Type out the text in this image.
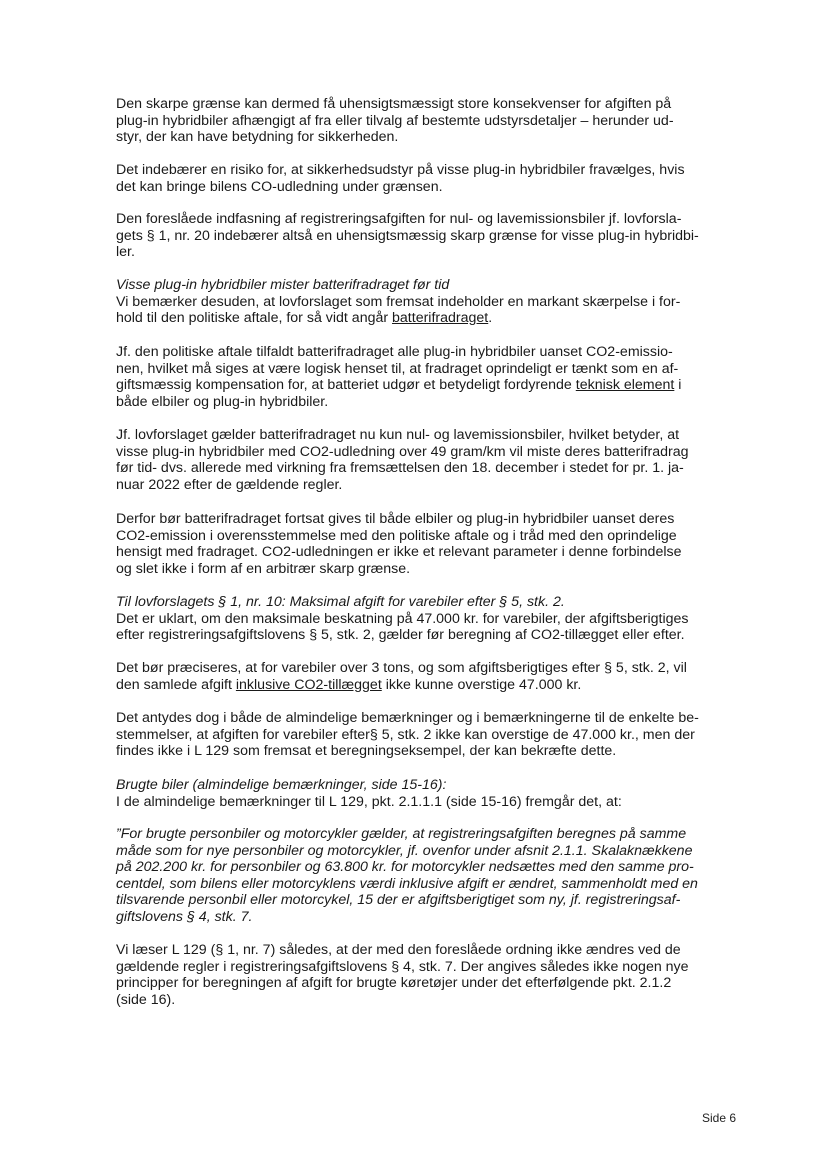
Den skarpe grænse kan dermed få uhensigtsmæssigt store konsekvenser for afgiften på
plug-in hybridbiler afhængigt af fra eller tilvalg af bestemte udstyrsdetaljer – herunder ud-
styr, der kan have betydning for sikkerheden.
Det indebærer en risiko for, at sikkerhedsudstyr på visse plug-in hybridbiler fravælges, hvis
det kan bringe bilens CO-udledning under grænsen.
Den foreslåede indfasning af registreringsafgiften for nul- og lavemissionsbiler jf. lovforsla-
gets § 1, nr. 20 indebærer altså en uhensigtsmæssig skarp grænse for visse plug-in hybridbi-
ler.
Visse plug-in hybridbiler mister batterifradraget før tid
Vi bemærker desuden, at lovforslaget som fremsat indeholder en markant skærpelse i for-
hold til den politiske aftale, for så vidt angår batterifradraget.
Jf. den politiske aftale tilfaldt batterifradraget alle plug-in hybridbiler uanset CO2-emissio-
nen, hvilket må siges at være logisk henset til, at fradraget oprindeligt er tænkt som en af-
giftsmæssig kompensation for, at batteriet udgør et betydeligt fordyrende teknisk element i
både elbiler og plug-in hybridbiler.
Jf. lovforslaget gælder batterifradraget nu kun nul- og lavemissionsbiler, hvilket betyder, at
visse plug-in hybridbiler med CO2-udledning over 49 gram/km vil miste deres batterifradrag
før tid- dvs. allerede med virkning fra fremsættelsen den 18. december i stedet for pr. 1. ja-
nuar 2022 efter de gældende regler.
Derfor bør batterifradraget fortsat gives til både elbiler og plug-in hybridbiler uanset deres
CO2-emission i overensstemmelse med den politiske aftale og i tråd med den oprindelige
hensigt med fradraget. CO2-udledningen er ikke et relevant parameter i denne forbindelse
og slet ikke i form af en arbitrær skarp grænse.
Til lovforslagets § 1, nr. 10: Maksimal afgift for varebiler efter § 5, stk. 2.
Det er uklart, om den maksimale beskatning på 47.000 kr. for varebiler, der afgiftsberigtiges
efter registreringsafgiftslovens § 5, stk. 2, gælder før beregning af CO2-tillægget eller efter.
Det bør præciseres, at for varebiler over 3 tons, og som afgiftsberigtiges efter § 5, stk. 2, vil
den samlede afgift inklusive CO2-tillægget ikke kunne overstige 47.000 kr.
Det antydes dog i både de almindelige bemærkninger og i bemærkningerne til de enkelte be-
stemmelser, at afgiften for varebiler efter§ 5, stk. 2 ikke kan overstige de 47.000 kr., men der
findes ikke i L 129 som fremsat et beregningseksempel, der kan bekræfte dette.
Brugte biler (almindelige bemærkninger, side 15-16):
I de almindelige bemærkninger til L 129, pkt. 2.1.1.1 (side 15-16) fremgår det, at:
”For brugte personbiler og motorcykler gælder, at registreringsafgiften beregnes på samme
måde som for nye personbiler og motorcykler, jf. ovenfor under afsnit 2.1.1. Skalaknækkene
på 202.200 kr. for personbiler og 63.800 kr. for motorcykler nedsættes med den samme pro-
centdel, som bilens eller motorcyklens værdi inklusive afgift er ændret, sammenholdt med en
tilsvarende personbil eller motorcykel, 15 der er afgiftsberigtiget som ny, jf. registreringsaf-
giftslovens § 4, stk. 7.
Vi læser L 129 (§ 1, nr. 7) således, at der med den foreslåede ordning ikke ændres ved de
gældende regler i registreringsafgiftslovens § 4, stk. 7. Der angives således ikke nogen nye
principper for beregningen af afgift for brugte køretøjer under det efterfølgende pkt. 2.1.2
(side 16).
Side 6
